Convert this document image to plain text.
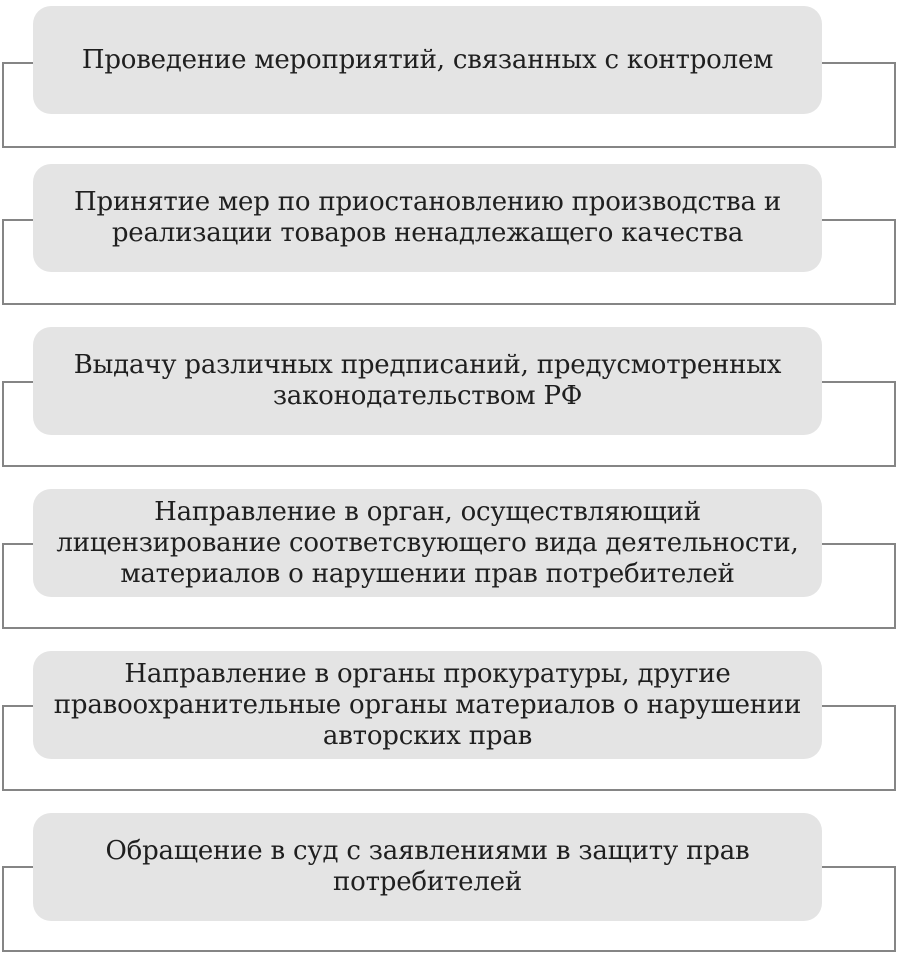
Проведение мероприятий, связанных с контролем
Принятие мер по приостановлению производства и реализации товаров ненадлежащего качества
Выдачу различных предписаний, предусмотренных законодательством РФ
Направление в орган, осуществляющий лицензирование соответсвующего вида деятельности, материалов о нарушении прав потребителей
Направление в органы прокуратуры, другие правоохранительные органы материалов о нарушении авторских прав
Обращение в суд с заявлениями в защиту прав потребителей
